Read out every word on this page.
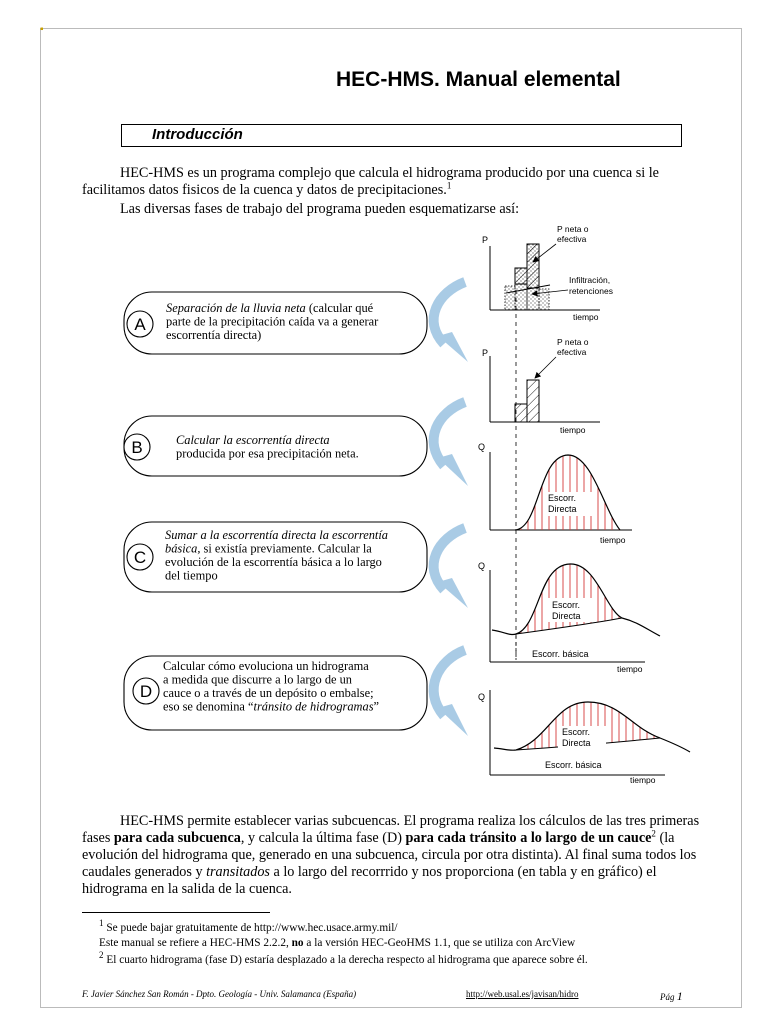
▪
HEC-HMS. Manual elemental
Introducción

HEC-HMS es un programa complejo que calcula el hidrograma producido por una cuenca si le facilitamos datos fisicos de la cuenca y datos de precipitaciones.$^1$

Las diversas fases de trabajo del programa pueden esquematizarse así:

A
Separación de la lluvia neta (calcular qué
parte de la precipitación caída va a generar
escorrentía directa)
B	Calcular la escorrentía directa
producida por esa precipitación neta.
C
Sumar a la escorrentía directa la escorrentía
básica, si existía previamente. Calcular la
evolución de la escorrentía básica a lo largo
del tiempo
D
Calcular cómo evoluciona un hidrograma
a medida que discurre a lo largo de un
cauce o a través de un depósito o embalse;
eso se denomina “tránsito de hidrogramas”
P
P neta o
efectiva
Infiltración,
retenciones
tiempo
P
P neta o
efectiva
tiempo
Q
Escorr.
Directa
tiempo
Q
Escorr.
Directa
Escorr. básica
tiempo
Q
Escorr.
Directa
Escorr. básica
tiempo

HEC-HMS permite establecer varias subcuencas. El programa realiza los cálculos de las tres primeras fases para cada subcuenca, y calcula la última fase (D) para cada tránsito a lo largo de un cauce$^2$ (la evolución del hidrograma que, generado en una subcuenca, circula por otra distinta). Al final suma todos los caudales generados y transitados a lo largo del recorrrido y nos proporciona (en tabla y en gráfico) el hidrograma en la salida de la cuenca.

$^1$ Se puede bajar gratuitamente de http://www.hec.usace.army.mil/

Este manual se refiere a HEC-HMS 2.2.2, no a la versión HEC-GeoHMS 1.1, que se utiliza con ArcView

$^2$ El cuarto hidrograma (fase D) estaría desplazado a la derecha respecto al hidrograma que aparece sobre él.

F. Javier Sánchez San Román - Dpto. Geología - Univ. Salamanca (España)	http://web.usal.es/javisan/hidro	Pág 1
